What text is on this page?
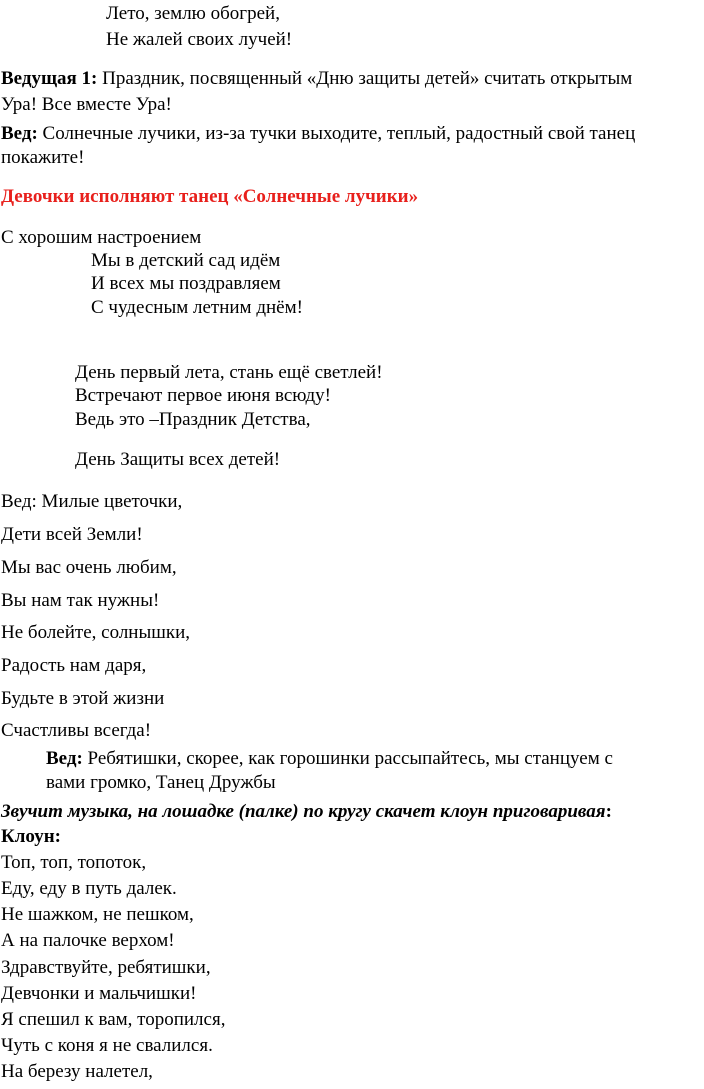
Лето, землю обогрей,
Не жалей своих лучей!
Ведущая 1: Праздник, посвященный «Дню защиты детей» считать открытым
Ура! Все вместе Ура!
Вед: Солнечные лучики, из-за тучки выходите, теплый, радостный свой танец
покажите!
Девочки исполняют танец «Солнечные лучики»
С хорошим настроением
Мы в детский сад идём
И всех мы поздравляем
С чудесным летним днём!
День первый лета, стань ещё светлей!
Встречают первое июня всюду!
Ведь это –Праздник Детства,
День Защиты всех детей!
Вед: Милые цветочки,
Дети всей Земли!
Мы вас очень любим,
Вы нам так нужны!
Не болейте, солнышки,
Радость нам даря,
Будьте в этой жизни
Счастливы всегда!
Вед: Ребятишки, скорее, как горошинки рассыпайтесь, мы станцуем с
вами громко, Танец Дружбы
Звучит музыка, на лошадке (палке) по кругу скачет клоун приговаривая:
Клоун:
Топ, топ, топоток,
Еду, еду в путь далек.
Не шажком, не пешком,
А на палочке верхом!
Здравствуйте, ребятишки,
Девчонки и мальчишки!
Я спешил к вам, торопился,
Чуть с коня я не свалился.
На березу налетел,
